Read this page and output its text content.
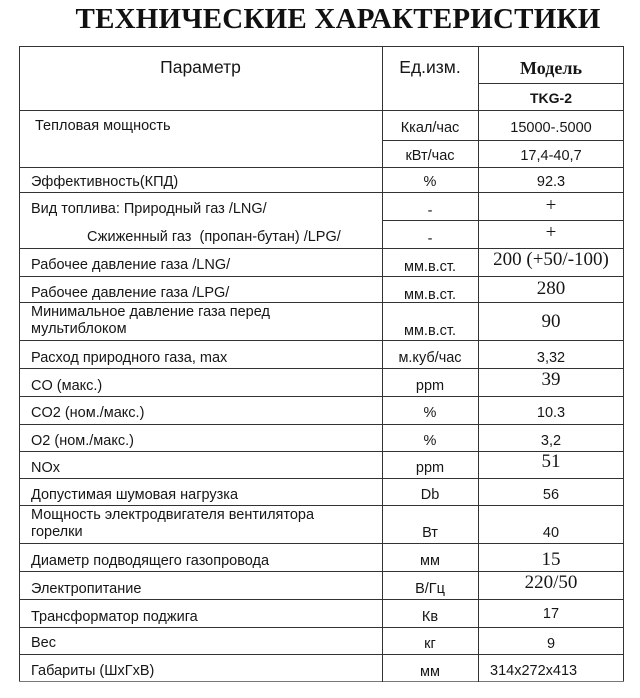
ТЕХНИЧЕСКИЕ ХАРАКТЕРИСТИКИ
Параметр	Ед.изм.	Модель
TKG-2
Тепловая мощность	Ккал/час	15000-.5000
кВт/час	17,4-40,7
Эффективность(КПД)	%	92.3
Вид топлива: Природный газ /LNG/	-	+
Сжиженный газ  (пропан-бутан) /LPG/	-	+
Рабочее давление газа /LNG/	мм.в.ст.	200 (+50/-100)
Рабочее давление газа /LPG/	мм.в.ст.	280
Минимальное давление газа перед
мультиблоком	мм.в.ст.	90
Расход природного газа, max	м.куб/час	3,32
CO (макс.)	ppm	39
CO2 (ном./макс.)	%	10.3
O2 (ном./макс.)	%	3,2
NOx	ppm	51
Допустимая шумовая нагрузка	Db	56
Мощность электродвигателя вентилятора
горелки	Вт	40
Диаметр подводящего газопровода	мм	15
Электропитание	В/Гц	220/50
Трансформатор поджига	Кв	17
Вес	кг	9
Габариты (ШхГхВ)	мм	314x272x413
